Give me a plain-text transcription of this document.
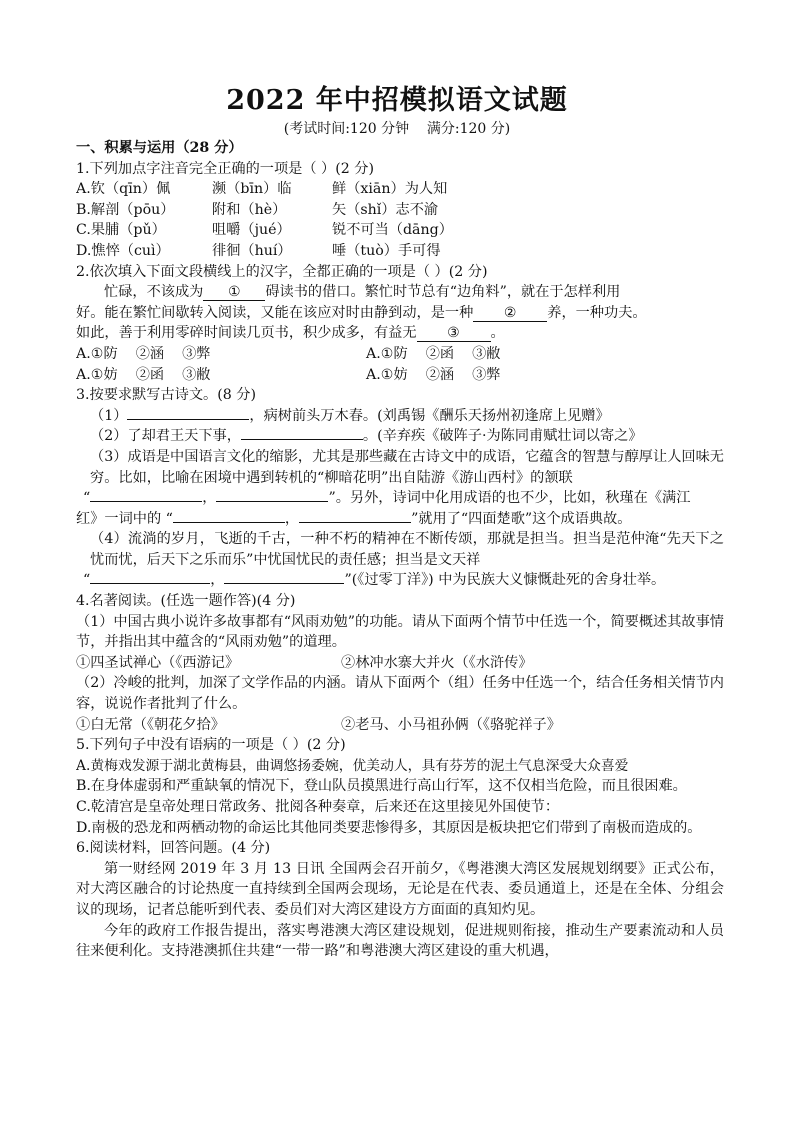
2022 年中招模拟语文试题
(考试时间:120 分钟    满分:120 分)
一、积累与运用（28 分）
1.下列加点字注音完全正确的一项是（ ）(2 分)
A.钦（qīn）佩	濒（bīn）临	鲜（xiān）为人知
B.解剖（pōu）	附和（hè）	矢（shǐ）志不渝
C.果脯（pǔ）	咀嚼（jué）	锐不可当（dāng）
D.憔悴（cuì）	徘徊（huí）	唾（tuò）手可得
2.依次填入下面文段横线上的汉字，全都正确的一项是（ ）(2 分)
忙碌，不该成为 ① 碍读书的借口。繁忙时节总有“边角料”，就在于怎样利用
好。能在繁忙间歇转入阅读，又能在该应对时由静到动，是一种 ② 养，一种功夫。
如此，善于利用零碎时间读几页书，积少成多，有益无 ③ 。
A.①防    ②涵    ③弊	A.①防    ②函    ③敝
A.①妨    ②函    ③敝	A.①妨    ②涵    ③弊
3.按要求默写古诗文。(8 分)
（1）	，病树前头万木春。(刘禹锡《酬乐天扬州初逢席上见赠》
（2）了却君王天下事，	。(辛弃疾《破阵子·为陈同甫赋壮词以寄之》
（3）成语是中国语言文化的缩影，尤其是那些藏在古诗文中的成语，它蕴含的智慧与醇厚让人回味无穷。比如，比喻在困境中遇到转机的“柳暗花明”出自陆游《游山西村》的颔联
“	，	”。另外，诗词中化用成语的也不少，比如，秋瑾在《满江
红》一词中的 “	，	”就用了“四面楚歌”这个成语典故。
（4）流淌的岁月，飞逝的千古，一种不朽的精神在不断传颂，那就是担当。担当是范仲淹“先天下之忧而忧，后天下之乐而乐”中忧国忧民的责任感；担当是文天祥
“	，	”(《过零丁洋》) 中为民族大义慷慨赴死的舍身壮举。
4.名著阅读。(任选一题作答)(4 分)
（1）中国古典小说许多故事都有“风雨劝勉”的功能。请从下面两个情节中任选一个，简要概述其故事情节，并指出其中蕴含的“风雨劝勉”的道理。
①四圣试禅心（《西游记》	②林冲水寨大并火（《水浒传》
（2）冷峻的批判，加深了文学作品的内涵。请从下面两个（组）任务中任选一个，结合任务相关情节内容，说说作者批判了什么。
①白无常（《朝花夕拾》	②老马、小马祖孙俩（《骆驼祥子》
5.下列句子中没有语病的一项是（ ）(2 分)
A.黄梅戏发源于湖北黄梅县，曲调悠扬委婉，优美动人，具有芬芳的泥土气息深受大众喜爱
B.在身体虚弱和严重缺氧的情况下，登山队员摸黑进行高山行军，这不仅相当危险，而且很困难。
C.乾清宫是皇帝处理日常政务、批阅各种奏章，后来还在这里接见外国使节：
D.南极的恐龙和两栖动物的命运比其他同类要悲惨得多，其原因是板块把它们带到了南极而造成的。
6.阅读材料，回答问题。(4 分)
第一财经网 2019 年 3 月 13 日讯 全国两会召开前夕，《粤港澳大湾区发展规划纲要》正式公布，对大湾区融合的讨论热度一直持续到全国两会现场，无论是在代表、委员通道上，还是在全体、分组会议的现场，记者总能听到代表、委员们对大湾区建设方方面面的真知灼见。
今年的政府工作报告提出，落实粤港澳大湾区建设规划，促进规则衔接，推动生产要素流动和人员往来便利化。支持港澳抓住共建“一带一路”和粤港澳大湾区建设的重大机遇，
